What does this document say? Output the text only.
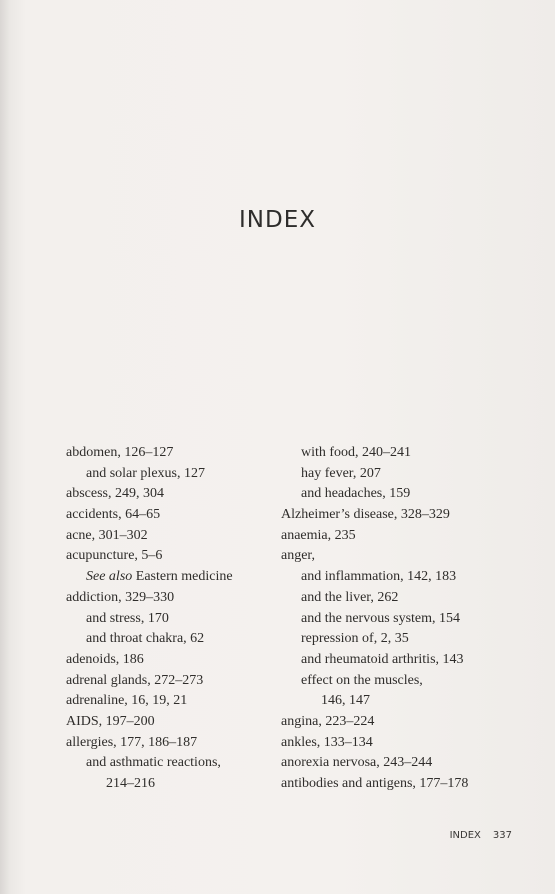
INDEX
abdomen, 126–127
and solar plexus, 127
abscess, 249, 304
accidents, 64–65
acne, 301–302
acupuncture, 5–6
See also Eastern medicine
addiction, 329–330
and stress, 170
and throat chakra, 62
adenoids, 186
adrenal glands, 272–273
adrenaline, 16, 19, 21
AIDS, 197–200
allergies, 177, 186–187
and asthmatic reactions,
214–216
with food, 240–241
hay fever, 207
and headaches, 159
Alzheimer’s disease, 328–329
anaemia, 235
anger,
and inflammation, 142, 183
and the liver, 262
and the nervous system, 154
repression of, 2, 35
and rheumatoid arthritis, 143
effect on the muscles,
146, 147
angina, 223–224
ankles, 133–134
anorexia nervosa, 243–244
antibodies and antigens, 177–178
INDEX 337
